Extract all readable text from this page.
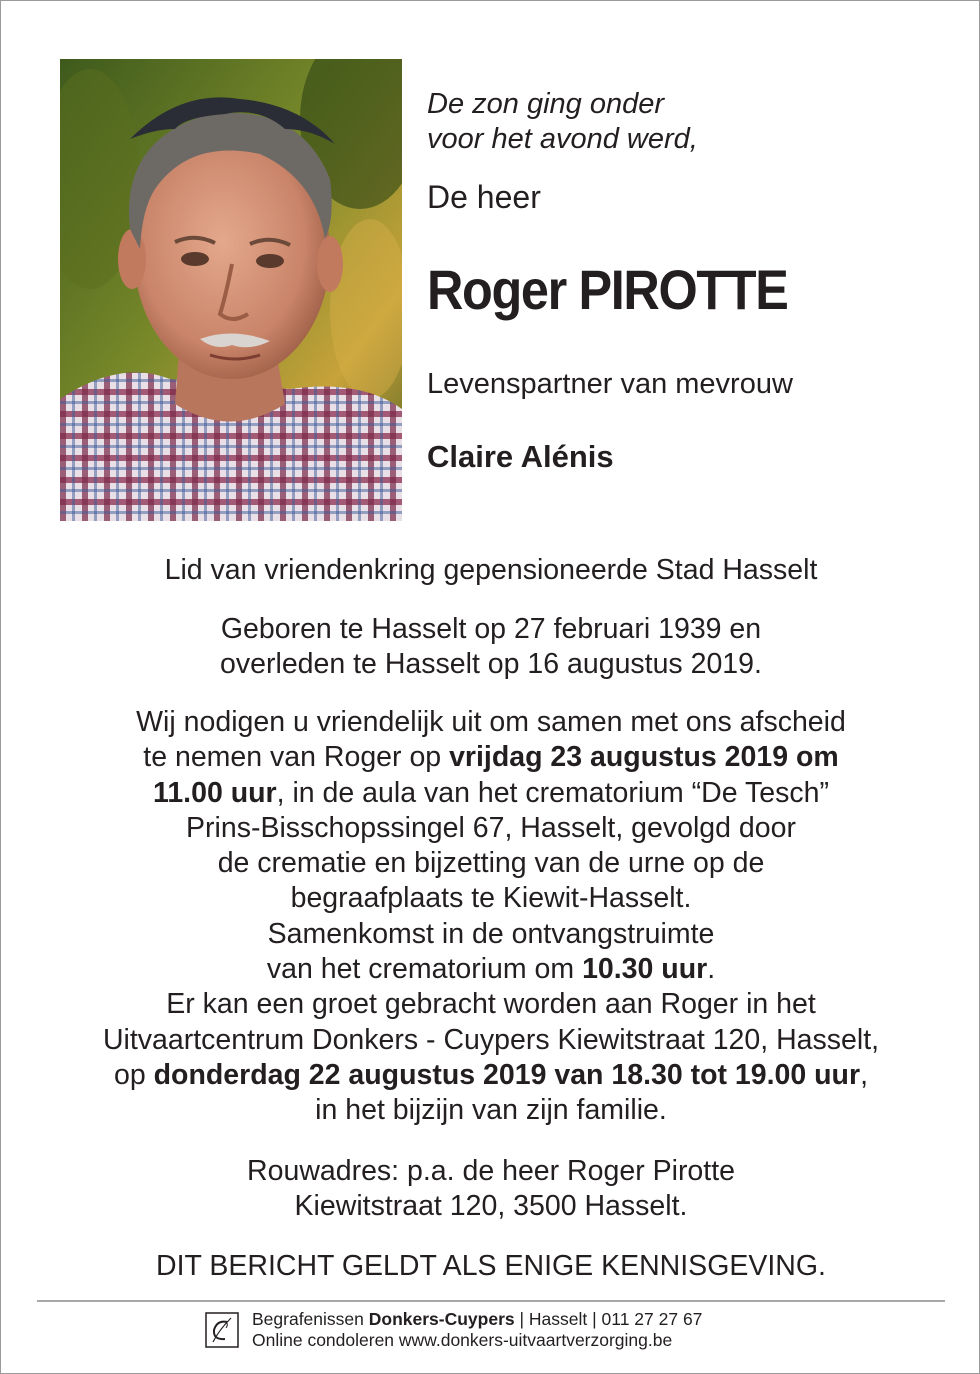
De zon ging onder
voor het avond werd,

De heer
Roger PIROTTE
Levenspartner van mevrouw
Claire Alénis

Lid van vriendenkring gepensioneerde Stad Hasselt

Geboren te Hasselt op 27 februari 1939 en

overleden te Hasselt op 16 augustus 2019.

Wij nodigen u vriendelijk uit om samen met ons afscheid

te nemen van Roger op vrijdag 23 augustus 2019 om

11.00 uur, in de aula van het crematorium “De Tesch”

Prins-Bisschopssingel 67, Hasselt, gevolgd door

de crematie en bijzetting van de urne op de

begraafplaats te Kiewit-Hasselt.

Samenkomst in de ontvangstruimte

van het crematorium om 10.30 uur.

Er kan een groet gebracht worden aan Roger in het

Uitvaartcentrum Donkers - Cuypers Kiewitstraat 120, Hasselt,

op donderdag 22 augustus 2019 van 18.30 tot 19.00 uur,

in het bijzijn van zijn familie.

Rouwadres: p.a. de heer Roger Pirotte

Kiewitstraat 120, 3500 Hasselt.

DIT BERICHT GELDT ALS ENIGE KENNISGEVING.

Begrafenissen Donkers-Cuypers | Hasselt | 011 27 27 67
Online condoleren www.donkers-uitvaartverzorging.be
